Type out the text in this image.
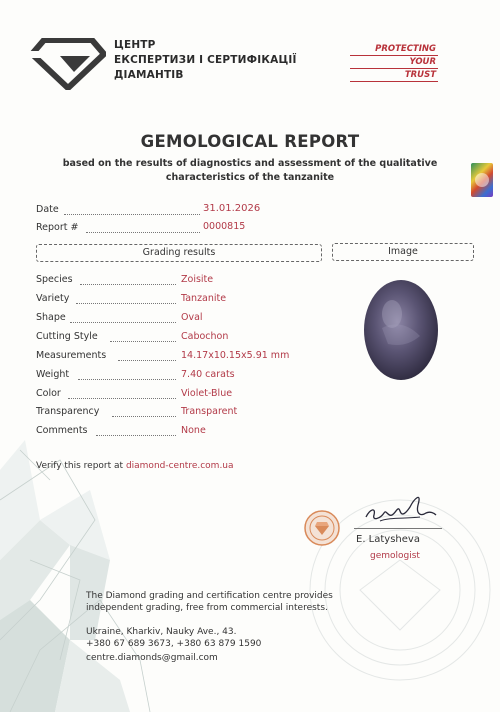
ЦЕНТР
ЕКСПЕРТИЗИ І СЕРТИФІКАЦІЇ
ДІАМАНТІВ
PROTECTING
YOUR
TRUST
GEMOLOGICAL REPORT
based on the results of diagnostics and assessment of the qualitative
characteristics of the tanzanite
Date	31.01.2026
Report #	0000815
Grading results	Image
Species	Zoisite
Variety	Tanzanite
Shape	Oval
Cutting Style	Cabochon
Measurements	14.17x10.15x5.91 mm
Weight	7.40 carats
Color	Violet-Blue
Transparency	Transparent
Comments	None
Verify this report at diamond-centre.com.ua
E. Latysheva
gemologist
The Diamond grading and certification centre provides
independent grading, free from commercial interests.
Ukraine, Kharkiv, Nauky Ave., 43.
+380 67 689 3673, +380 63 879 1590
centre.diamonds@gmail.com
